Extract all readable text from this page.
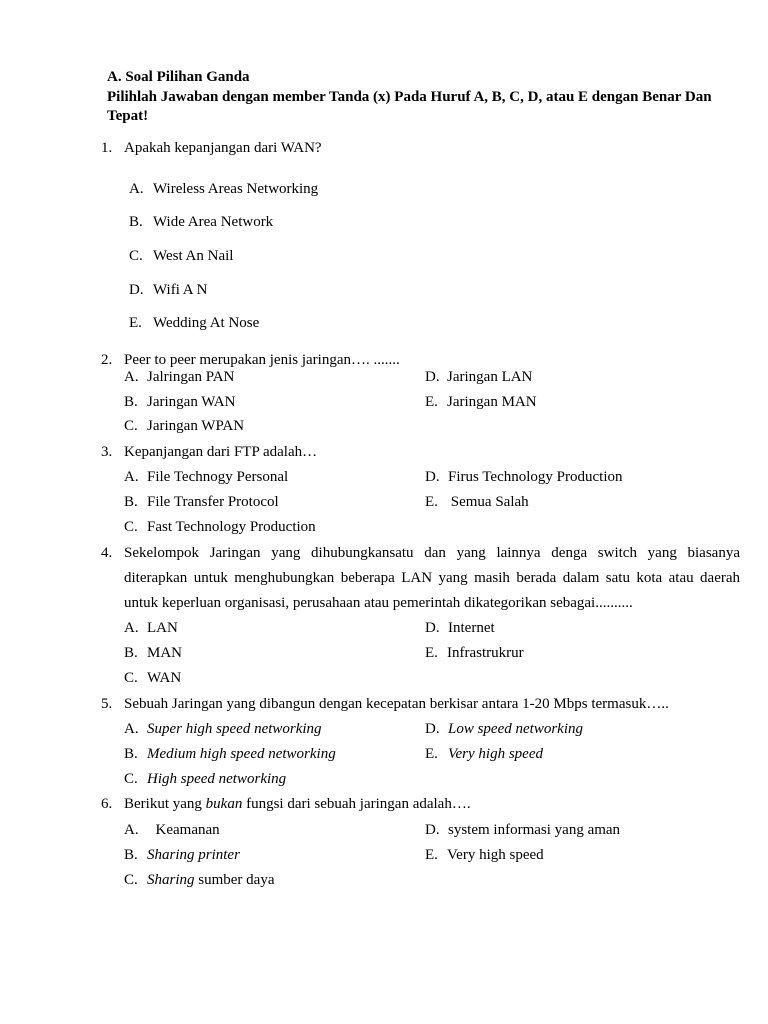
A. Soal Pilihan Ganda
Pilihlah Jawaban dengan member Tanda (x) Pada Huruf A, B, C, D, atau E dengan Benar Dan
Tepat!
1. Apakah kepanjangan dari WAN?
A. Wireless Areas Networking
B. Wide Area Network
C. West An Nail
D. Wifi A N
E. Wedding At Nose
2. Peer to peer merupakan jenis jaringan…. .......
A. Jalringan PAN
B. Jaringan WAN
C. Jaringan WPAN
D. Jaringan LAN
E. Jaringan MAN
3. Kepanjangan dari FTP adalah…
A. File Technogy Personal
B. File Transfer Protocol
C. Fast Technology Production
D. Firus Technology Production
E. Semua Salah
4. Sekelompok Jaringan yang dihubungkansatu dan yang lainnya denga switch yang biasanya
diterapkan untuk menghubungkan beberapa LAN yang masih berada dalam satu kota atau daerah
untuk keperluan organisasi, perusahaan atau pemerintah dikategorikan sebagai..........
A. LAN
B. MAN
C. WAN
D. Internet
E. Infrastrukrur
5. Sebuah Jaringan yang dibangun dengan kecepatan berkisar antara 1-20 Mbps termasuk…..
A. Super high speed networking
B. Medium high speed networking
C. High speed networking
D. Low speed networking
E. Very high speed
6. Berikut yang bukan fungsi dari sebuah jaringan adalah….
A. Keamanan
B. Sharing printer
C. Sharing sumber daya
D. system informasi yang aman
E. Very high speed
